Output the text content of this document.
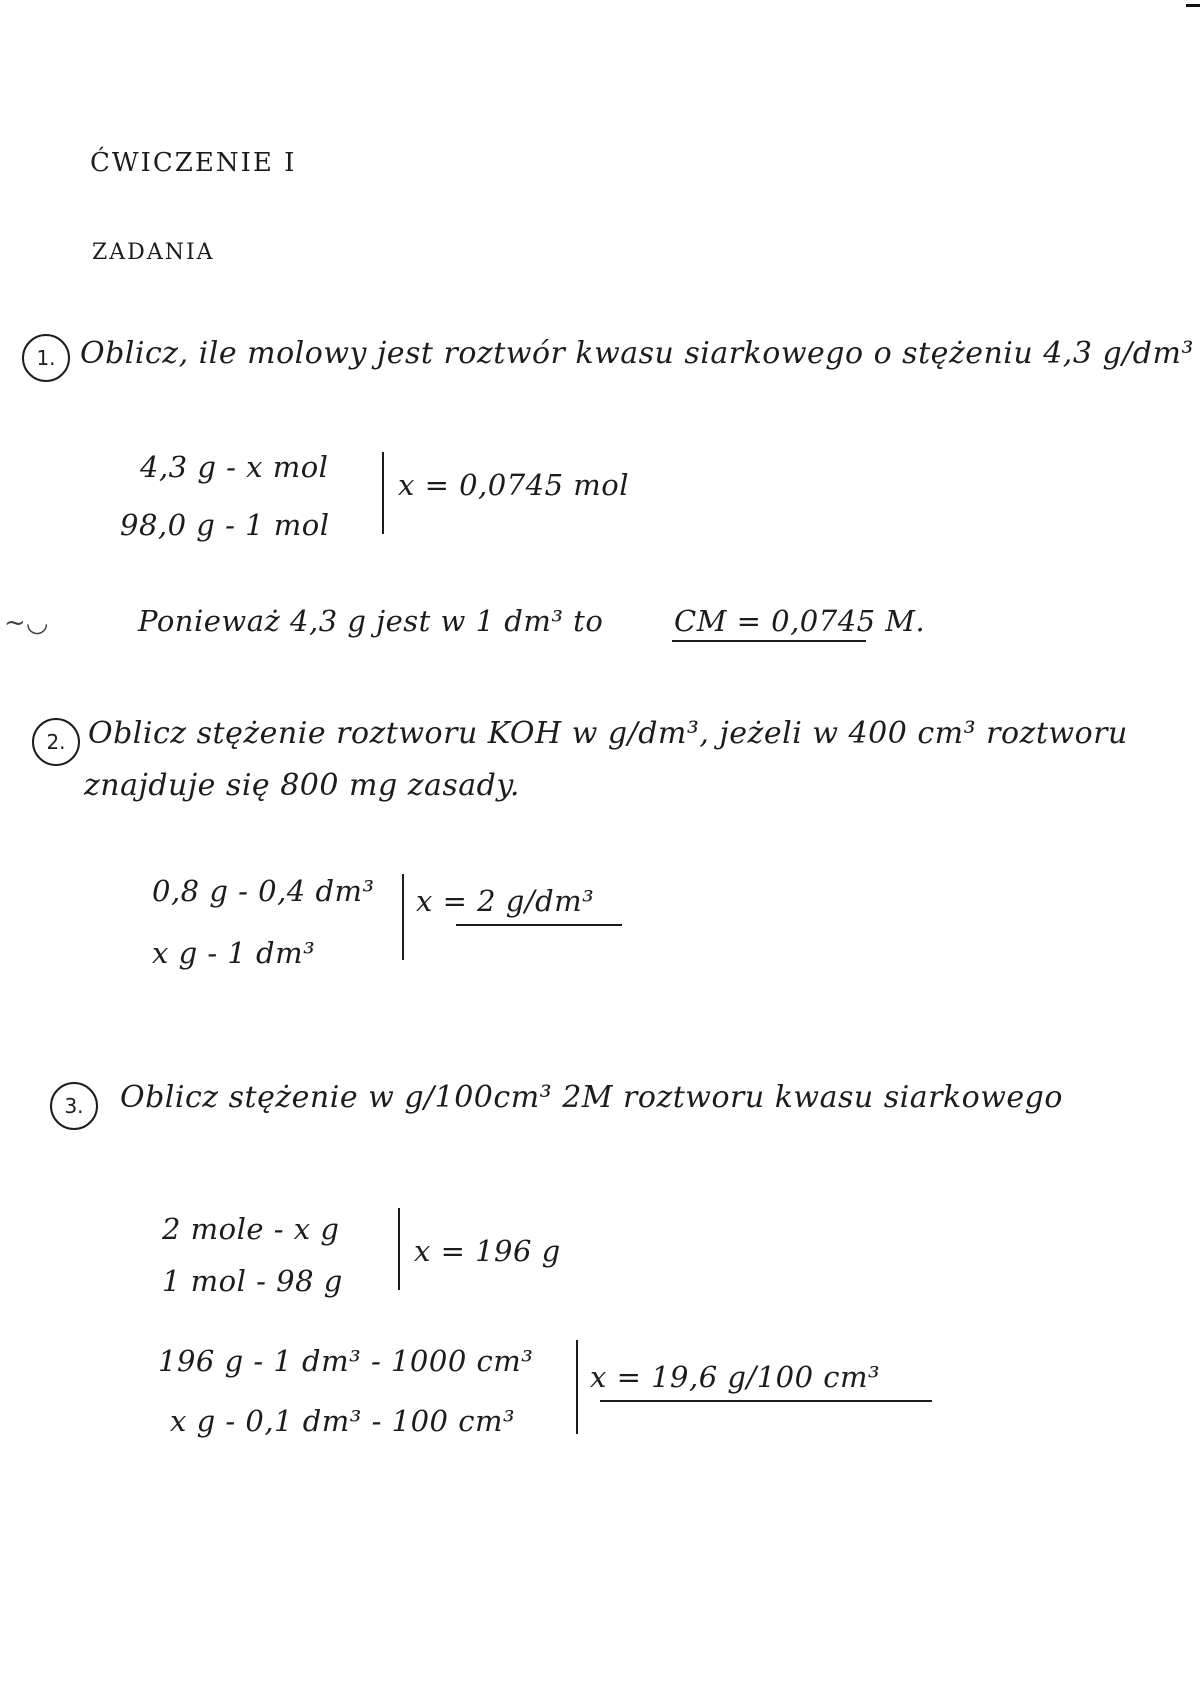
ĆWICZENIE I
ZADANIA
1. Oblicz, ile molowy jest roztwór kwasu siarkowego o stężeniu 4,3 g/dm³
4,3 g - x mol
98,0 g - 1 mol
x = 0,0745 mol
~◡	Ponieważ 4,3 g jest w 1 dm³ to CM = 0,0745 M.
2. Oblicz stężenie roztworu KOH w g/dm³, jeżeli w 400 cm³ roztworu
znajduje się 800 mg zasady.
0,8 g - 0,4 dm³
x g - 1 dm³
x = 2 g/dm³
3.	Oblicz stężenie w g/100cm³ 2M roztworu kwasu siarkowego
2 mole - x g
1 mol - 98 g
x = 196 g
196 g - 1 dm³ - 1000 cm³
x g - 0,1 dm³ - 100 cm³
x = 19,6 g/100 cm³
